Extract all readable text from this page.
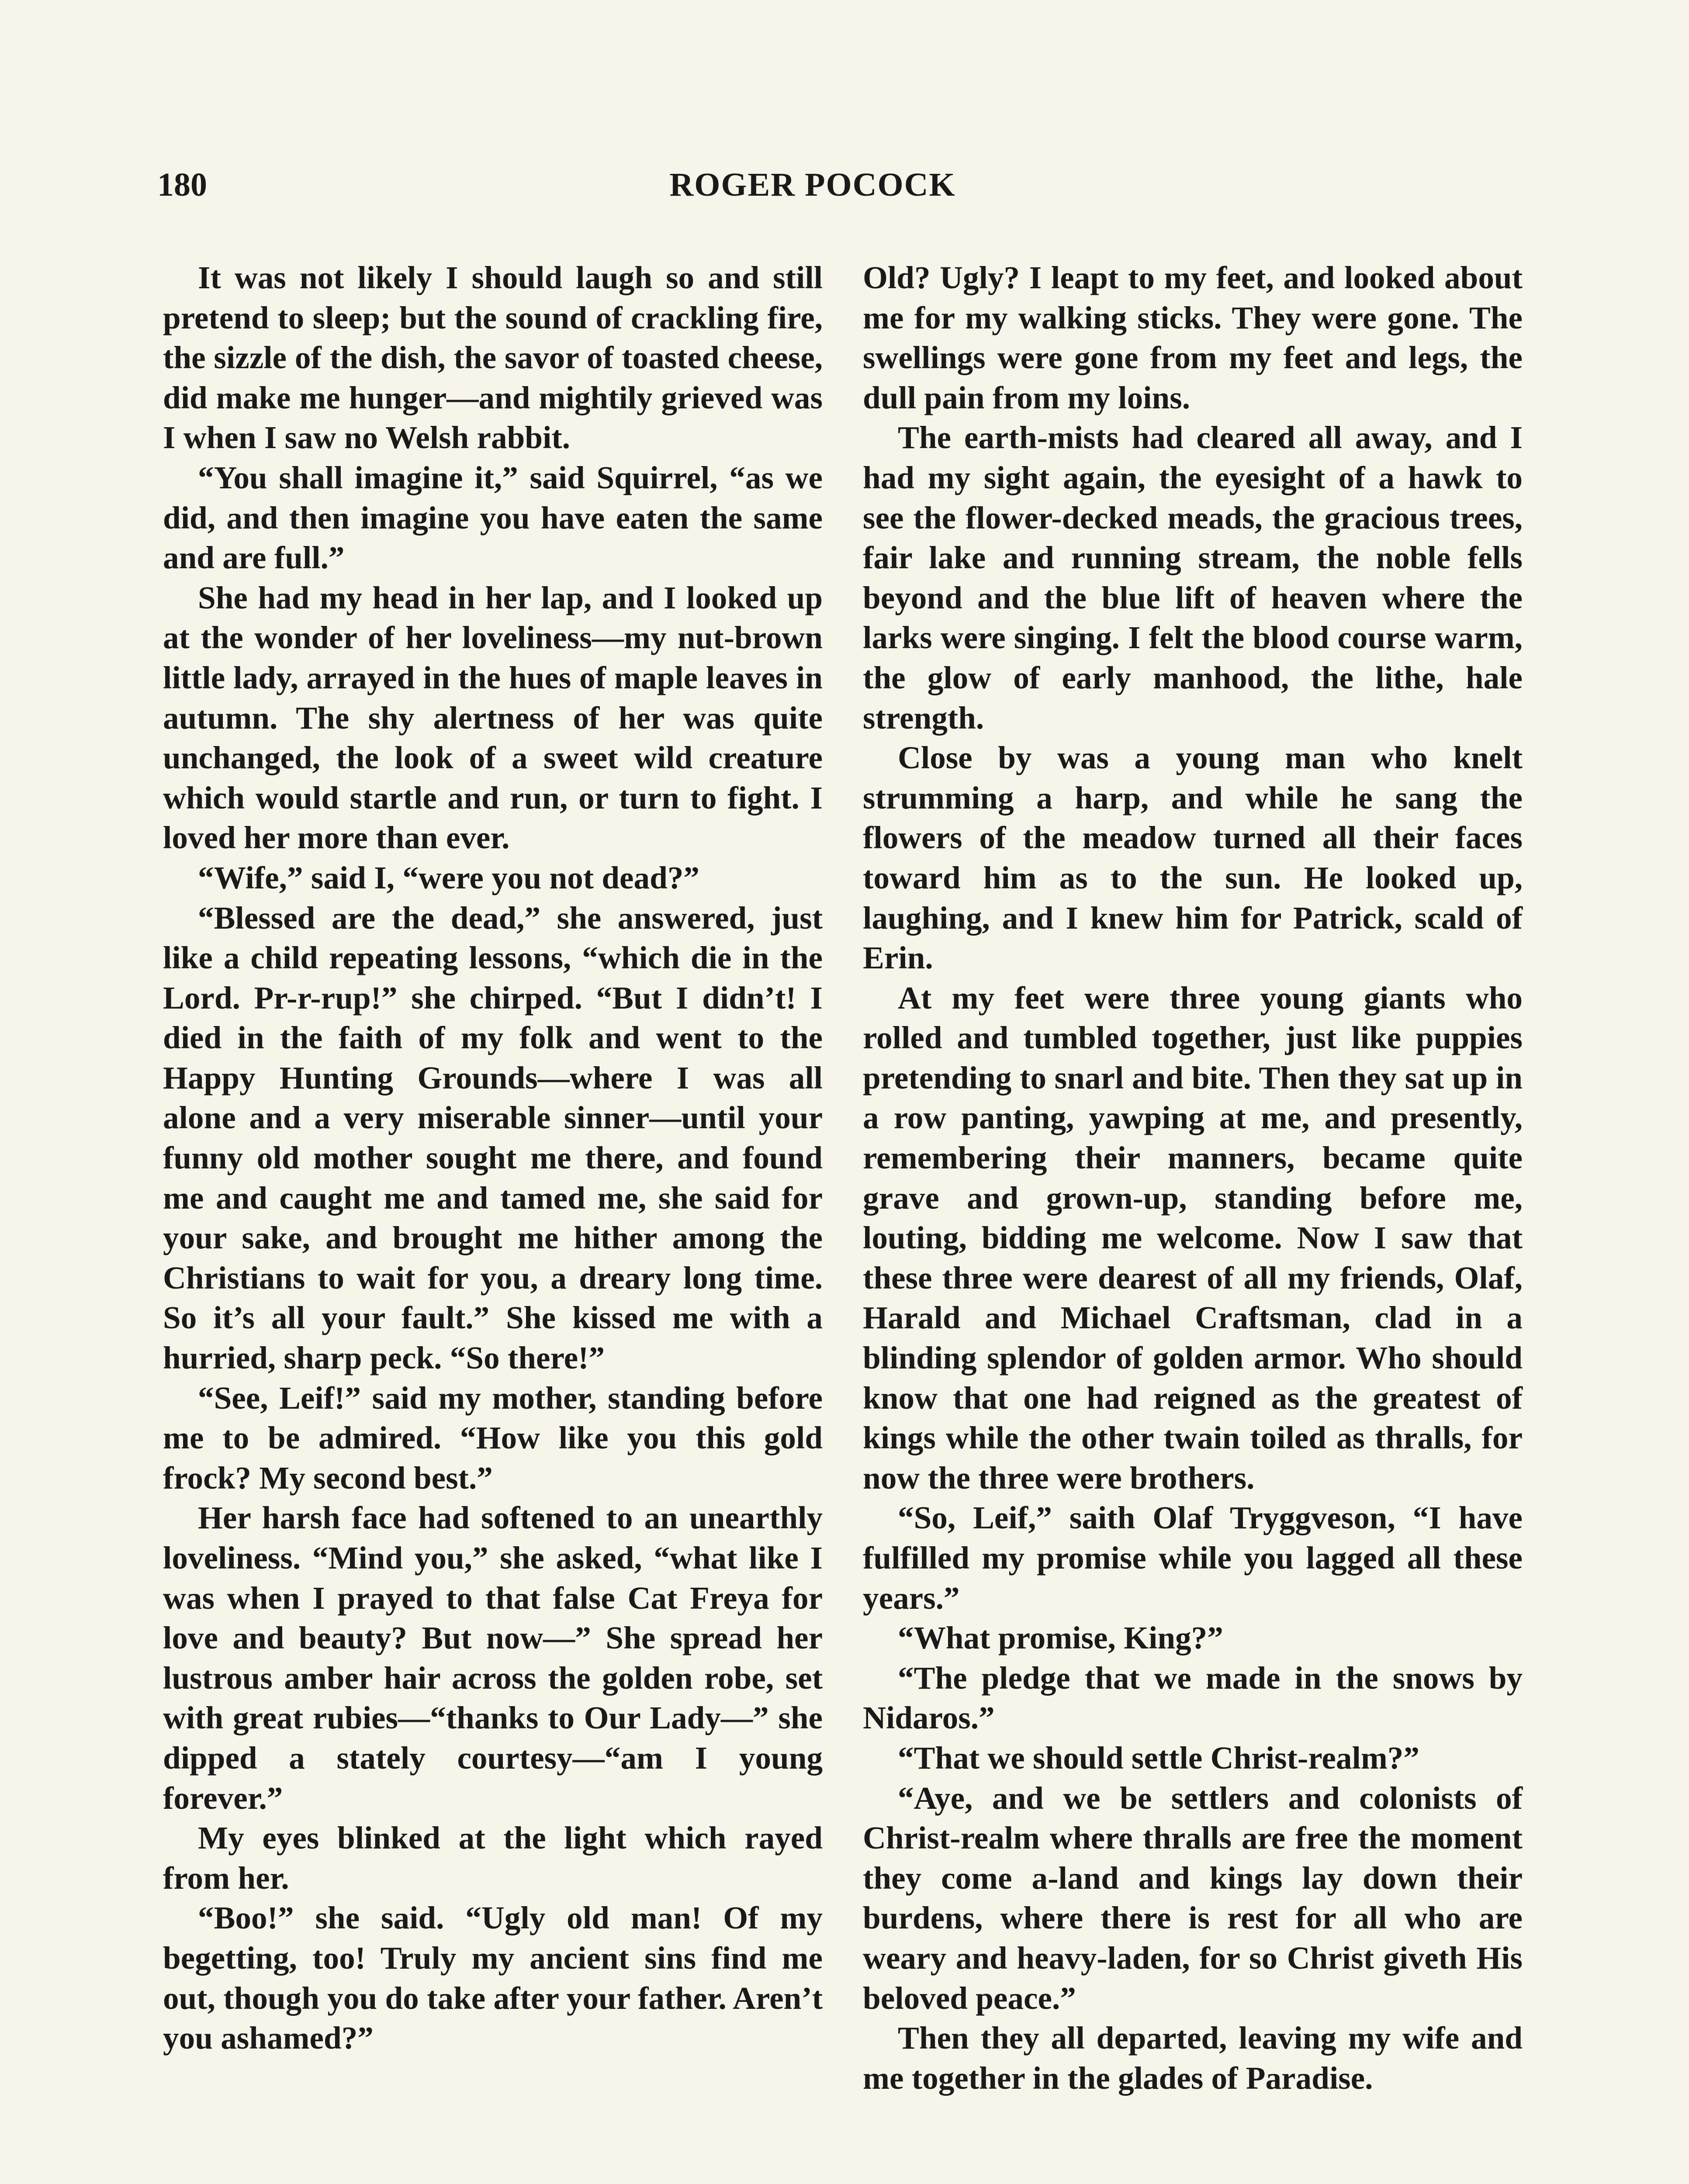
180	ROGER POCOCK

It was not likely I should laugh so and still pretend to sleep; but the sound of crackling fire, the sizzle of the dish, the savor of toasted cheese, did make me hunger—and mightily grieved was I when I saw no Welsh rabbit.

“You shall imagine it,” said Squirrel, “as we did, and then imagine you have eaten the same and are full.”

She had my head in her lap, and I looked up at the wonder of her loveliness—my nut-brown little lady, arrayed in the hues of maple leaves in autumn. The shy alertness of her was quite unchanged, the look of a sweet wild creature which would startle and run, or turn to fight. I loved her more than ever.

“Wife,” said I, “were you not dead?”

“Blessed are the dead,” she answered, just like a child repeating lessons, “which die in the Lord. Pr-r-rup!” she chirped. “But I didn’t! I died in the faith of my folk and went to the Happy Hunting Grounds—where I was all alone and a very miserable sinner—until your funny old mother sought me there, and found me and caught me and tamed me, she said for your sake, and brought me hither among the Christians to wait for you, a dreary long time. So it’s all your fault.” She kissed me with a hurried, sharp peck. “So there!”

“See, Leif!” said my mother, standing before me to be admired. “How like you this gold frock? My second best.”

Her harsh face had softened to an unearthly loveliness. “Mind you,” she asked, “what like I was when I prayed to that false Cat Freya for love and beauty? But now—” She spread her lustrous amber hair across the golden robe, set with great rubies—“thanks to Our Lady—” she dipped a stately courtesy—“am I young forever.”

My eyes blinked at the light which rayed from her.

“Boo!” she said. “Ugly old man! Of my begetting, too! Truly my ancient sins find me out, though you do take after your father. Aren’t you ashamed?”

Old? Ugly? I leapt to my feet, and looked about me for my walking sticks. They were gone. The swellings were gone from my feet and legs, the dull pain from my loins.

The earth-mists had cleared all away, and I had my sight again, the eyesight of a hawk to see the flower-decked meads, the gracious trees, fair lake and running stream, the noble fells beyond and the blue lift of heaven where the larks were singing. I felt the blood course warm, the glow of early manhood, the lithe, hale strength.

Close by was a young man who knelt strumming a harp, and while he sang the flowers of the meadow turned all their faces toward him as to the sun. He looked up, laughing, and I knew him for Patrick, scald of Erin.

At my feet were three young giants who rolled and tumbled together, just like puppies pretending to snarl and bite. Then they sat up in a row panting, yawping at me, and presently, remembering their manners, became quite grave and grown-up, standing before me, louting, bidding me welcome. Now I saw that these three were dearest of all my friends, Olaf, Harald and Michael Craftsman, clad in a blinding splendor of golden armor. Who should know that one had reigned as the greatest of kings while the other twain toiled as thralls, for now the three were brothers.

“So, Leif,” saith Olaf Tryggveson, “I have fulfilled my promise while you lagged all these years.”

“What promise, King?”

“The pledge that we made in the snows by Nidaros.”

“That we should settle Christ-realm?”

“Aye, and we be settlers and colonists of Christ-realm where thralls are free the moment they come a-land and kings lay down their burdens, where there is rest for all who are weary and heavy-laden, for so Christ giveth His beloved peace.”

Then they all departed, leaving my wife and me together in the glades of Paradise.
